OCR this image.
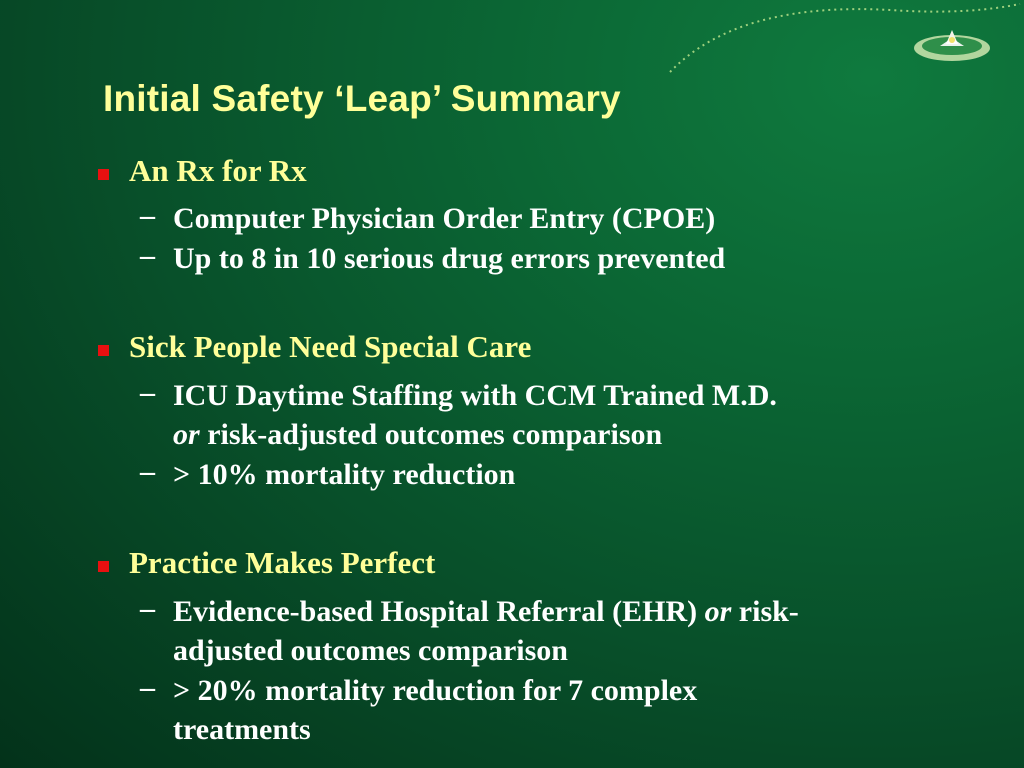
Initial Safety ‘Leap’ Summary
An Rx for Rx
– Computer Physician Order Entry (CPOE)
– Up to 8 in 10 serious drug errors prevented
Sick People Need Special Care
– ICU Daytime Staffing with CCM Trained M.D.
or risk-adjusted outcomes comparison
– > 10% mortality reduction
Practice Makes Perfect
– Evidence-based Hospital Referral (EHR) or risk-
adjusted outcomes comparison
– > 20% mortality reduction for 7 complex
treatments
